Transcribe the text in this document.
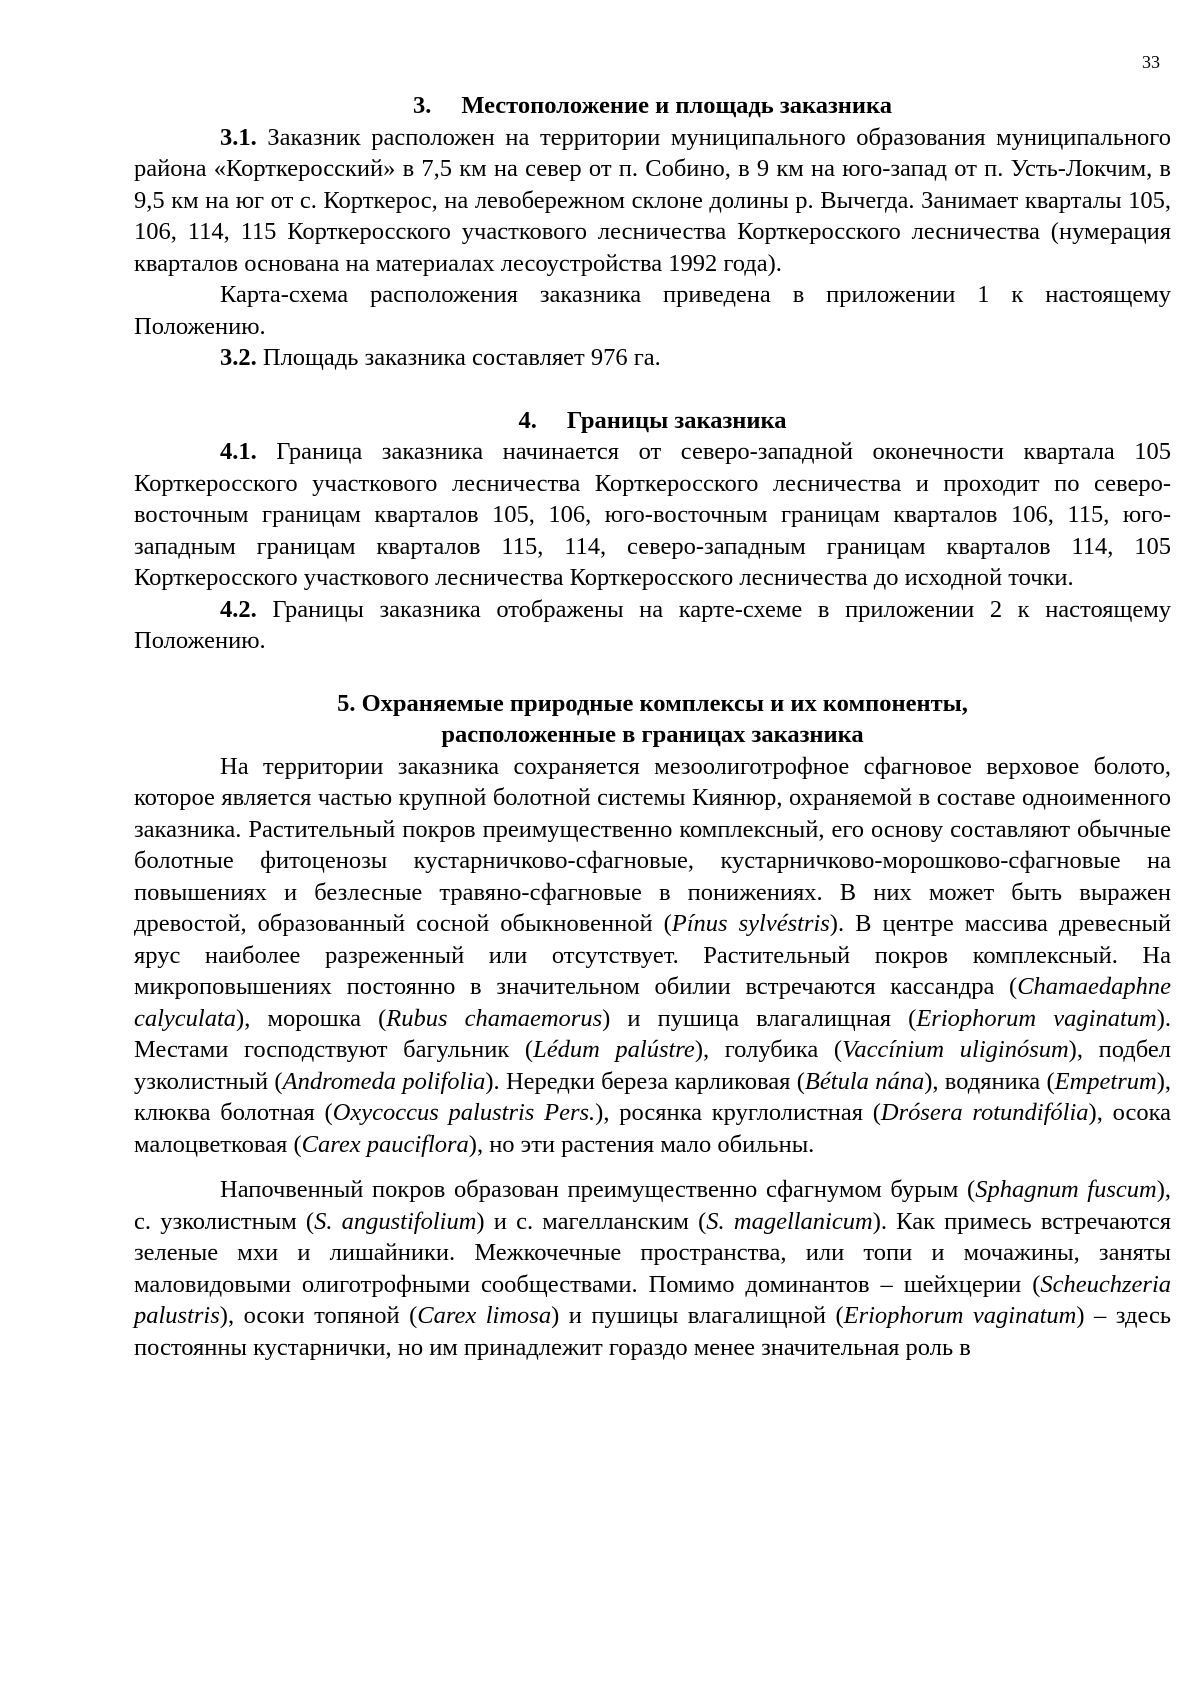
33
3. Местоположение и площадь заказника

3.1. Заказник расположен на территории муниципального образования муниципального района «Корткеросский» в 7,5 км на север от п. Собино, в 9 км на юго-запад от п. Усть-Локчим, в 9,5 км на юг от с. Корткерос, на левобережном склоне долины р. Вычегда. Занимает кварталы 105, 106, 114, 115 Корткеросского участкового лесничества Корткеросского лесничества (нумерация кварталов основана на материалах лесоустройства 1992 года).

Карта-схема расположения заказника приведена в приложении 1 к настоящему Положению.

3.2. Площадь заказника составляет 976 га.

4. Границы заказника

4.1. Граница заказника начинается от северо-западной оконечности квартала 105 Корткеросского участкового лесничества Корткеросского лесничества и проходит по северо-восточным границам кварталов 105, 106, юго-восточным границам кварталов 106, 115, юго-западным границам кварталов 115, 114, северо-западным границам кварталов 114, 105 Корткеросского участкового лесничества Корткеросского лесничества до исходной точки.

4.2. Границы заказника отображены на карте-схеме в приложении 2 к настоящему Положению.

5. Охраняемые природные комплексы и их компоненты,
расположенные в границах заказника

На территории заказника сохраняется мезоолиготрофное сфагновое верховое болото, которое является частью крупной болотной системы Киянюр, охраняемой в составе одноименного заказника. Растительный покров преимущественно комплексный, его основу составляют обычные болотные фитоценозы кустарничково-сфагновые, кустарничково-морошково-сфагновые на повышениях и безлесные травяно-сфагновые в понижениях. В них может быть выражен древостой, образованный сосной обыкновенной (Pínus sylvéstris). В центре массива древесный ярус наиболее разреженный или отсутствует. Растительный покров комплексный. На микроповышениях постоянно в значительном обилии встречаются кассандра (Chamaedaphne calyculata), морошка (Rubus chamaemorus) и пушица влагалищная (Eriophorum vaginatum). Местами господствуют багульник (Lédum palústre), голубика (Vaccínium uliginósum), подбел узколистный (Andromeda polifolia). Нередки береза карликовая (Bétula nána), водяника (Empetrum), клюква болотная (Oxycoccus palustris Pers.), росянка круглолистная (Drósera rotundifólia), осока малоцветковая (Carex pauciflora), но эти растения мало обильны.

Напочвенный покров образован преимущественно сфагнумом бурым (Sphagnum fuscum), с. узколистным (S. angustifolium) и с. магелланским (S. magellanicum). Как примесь встречаются зеленые мхи и лишайники. Межкочечные пространства, или топи и мочажины, заняты маловидовыми олиготрофными сообществами. Помимо доминантов – шейхцерии (Scheuchzeria palustris), осоки топяной (Carex limosa) и пушицы влагалищной (Eriophorum vaginatum) – здесь постоянны кустарнички, но им принадлежит гораздо менее значительная роль в
